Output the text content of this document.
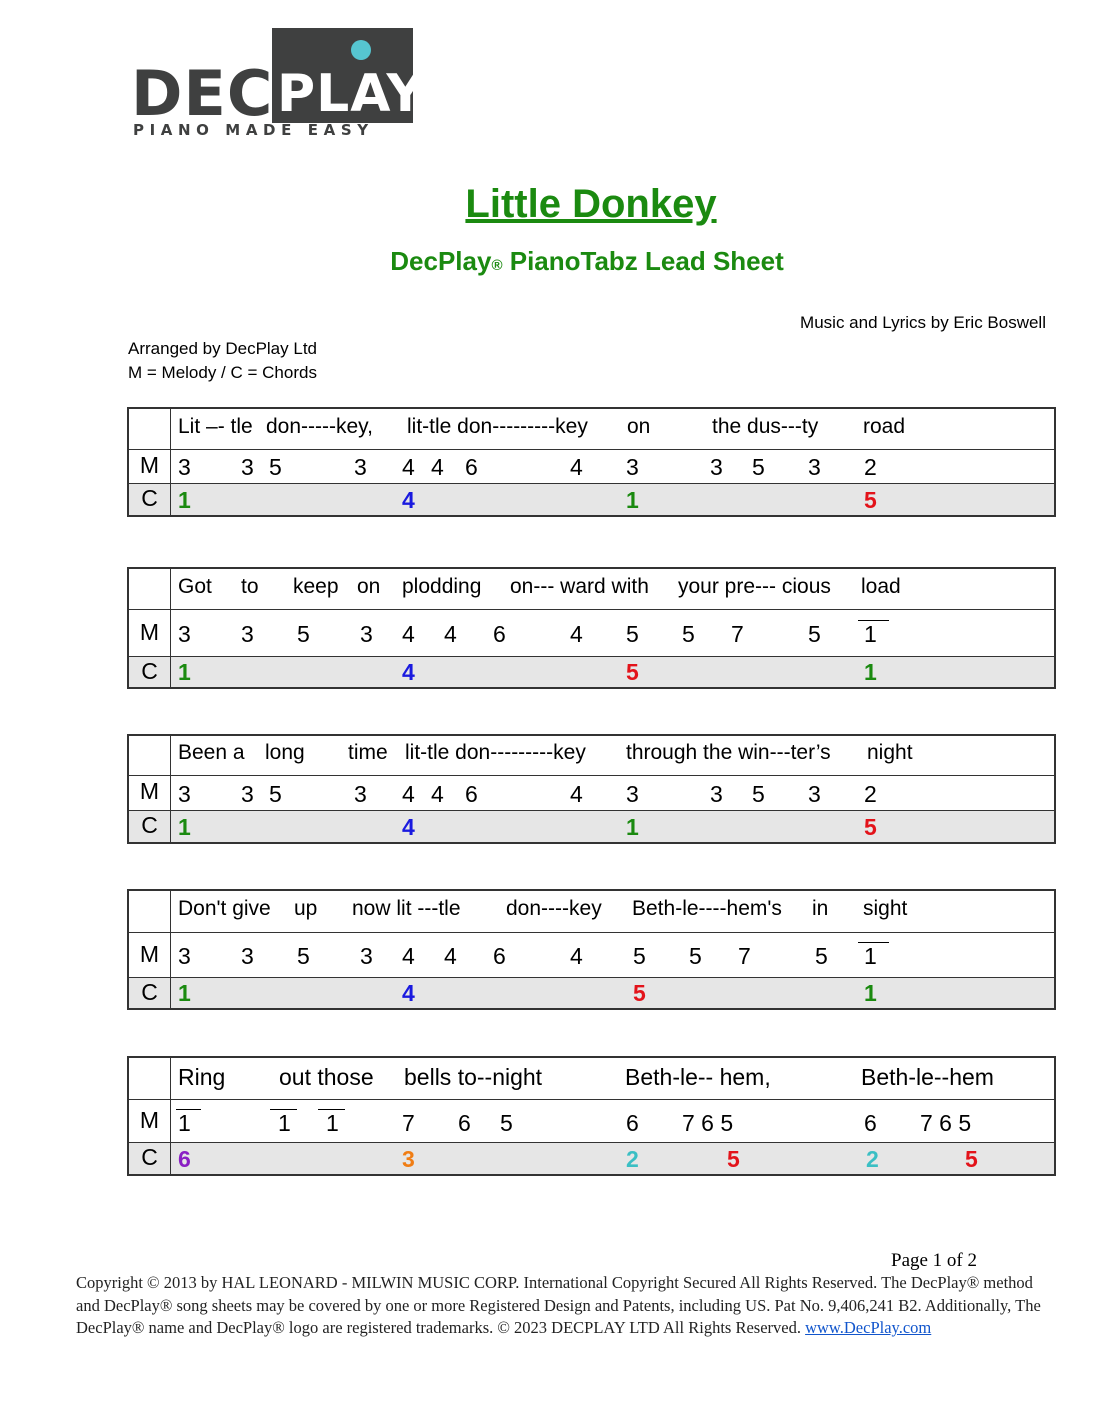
DEC PLAY
PIANO MADE EASY
Little Donkey
DecPlay® PianoTabz Lead Sheet
Music and Lyrics by Eric Boswell
Arranged by DecPlay Ltd
M = Melody / C = Chords
Lit –- tle don-----key, lit-tle don---------key on	the dus---ty road
M 3 3 5	3 4 4 6	4 3	3 5 3 2
C 1	4	1	5
Got to keep on plodding on--- ward with your pre--- cious load
M 3 3 5 3 4 4 6	4 5 5 7	5 1
C 1	4	5	1
Been a long time lit-tle don---------key through the win---ter’s night
M 3 3 5	3 4 4 6	4 3	3 5 3 2
C 1	4	1	5
Don't give up now lit ---tle don----key Beth-le----hem's in sight
M 3 3 5 3 4 4 6	4 5 5 7	5 1
C 1	4	5	1
Ring out those bells to--night	Beth-le-- hem,	Beth-le--hem
M 1	1	1	7 6 5	6 7 6 5	6 7 6 5
C 6	3	2	5	2	5
Page 1 of 2
Copyright © 2013 by HAL LEONARD - MILWIN MUSIC CORP. International Copyright Secured All Rights Reserved. The DecPlay® method and DecPlay® song sheets may be covered by one or more Registered Design and Patents, including US. Pat No. 9,406,241 B2. Additionally, The DecPlay® name and DecPlay® logo are registered trademarks. © 2023 DECPLAY LTD All Rights Reserved. www.DecPlay.com
